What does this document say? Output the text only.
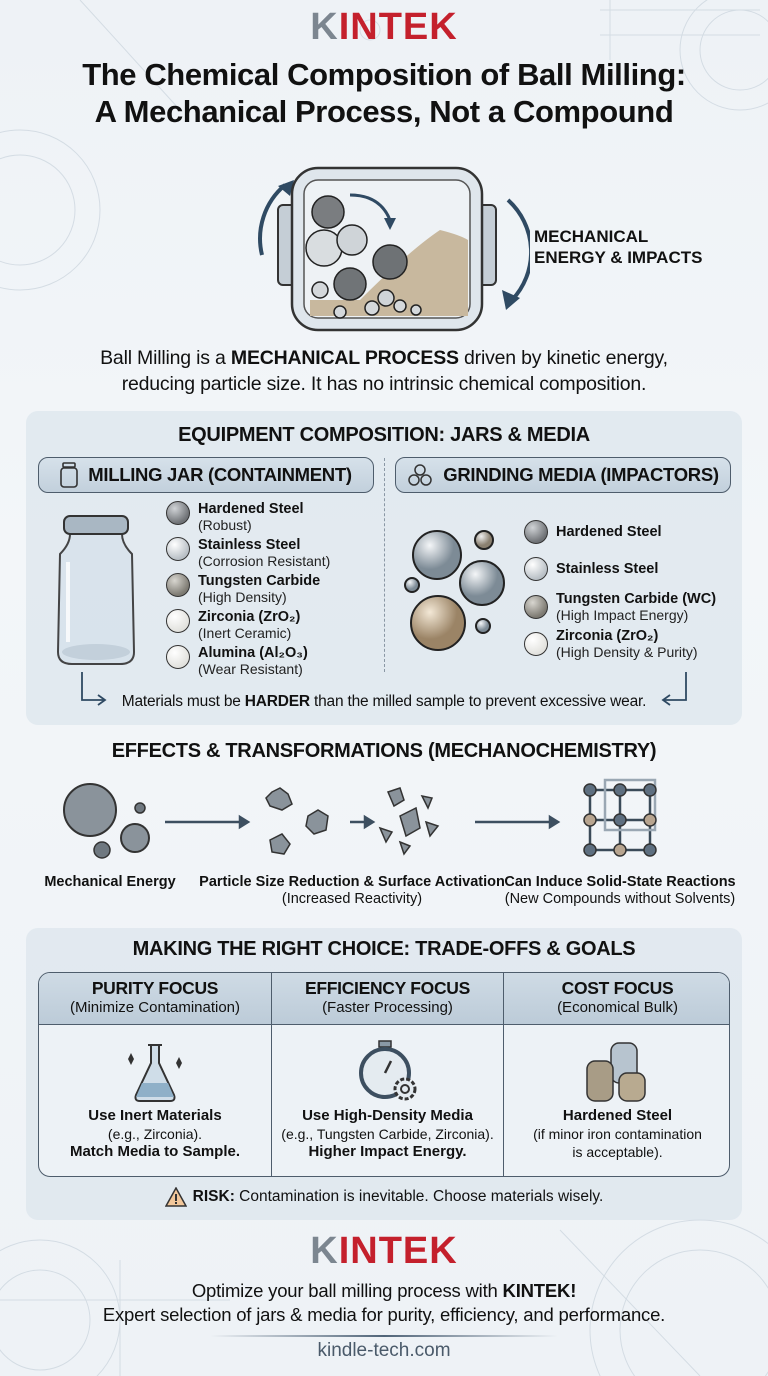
KINTEK
The Chemical Composition of Ball Milling:
A Mechanical Process, Not a Compound
MECHANICAL
ENERGY & IMPACTS
Ball Milling is a MECHANICAL PROCESS driven by kinetic energy,
reducing particle size. It has no intrinsic chemical composition.
EQUIPMENT COMPOSITION: JARS & MEDIA
MILLING JAR (CONTAINMENT)	GRINDING MEDIA (IMPACTORS)
Hardened Steel
(Robust)
Stainless Steel
(Corrosion Resistant)
Tungsten Carbide
(High Density)
Zirconia (ZrO₂)
(Inert Ceramic)
Alumina (Al₂O₃)
(Wear Resistant)
Hardened Steel
Stainless Steel
Tungsten Carbide (WC)
(High Impact Energy)
Zirconia (ZrO₂)
(High Density & Purity)
Materials must be HARDER than the milled sample to prevent excessive wear.
EFFECTS & TRANSFORMATIONS (MECHANOCHEMISTRY)
Mechanical Energy	Particle Size Reduction & Surface Activation
(Increased Reactivity)
Can Induce Solid-State Reactions
(New Compounds without Solvents)
MAKING THE RIGHT CHOICE: TRADE-OFFS & GOALS
PURITY FOCUS
(Minimize Contamination)
Use Inert Materials
(e.g., Zirconia).
Match Media to Sample.
EFFICIENCY FOCUS
(Faster Processing)
Use High-Density Media
(e.g., Tungsten Carbide, Zirconia).
Higher Impact Energy.
COST FOCUS
(Economical Bulk)
Hardened Steel
(if minor iron contamination
is acceptable).
RISK: Contamination is inevitable. Choose materials wisely.
KINTEK
Optimize your ball milling process with KINTEK!
Expert selection of jars & media for purity, efficiency, and performance.
kindle-tech.com
